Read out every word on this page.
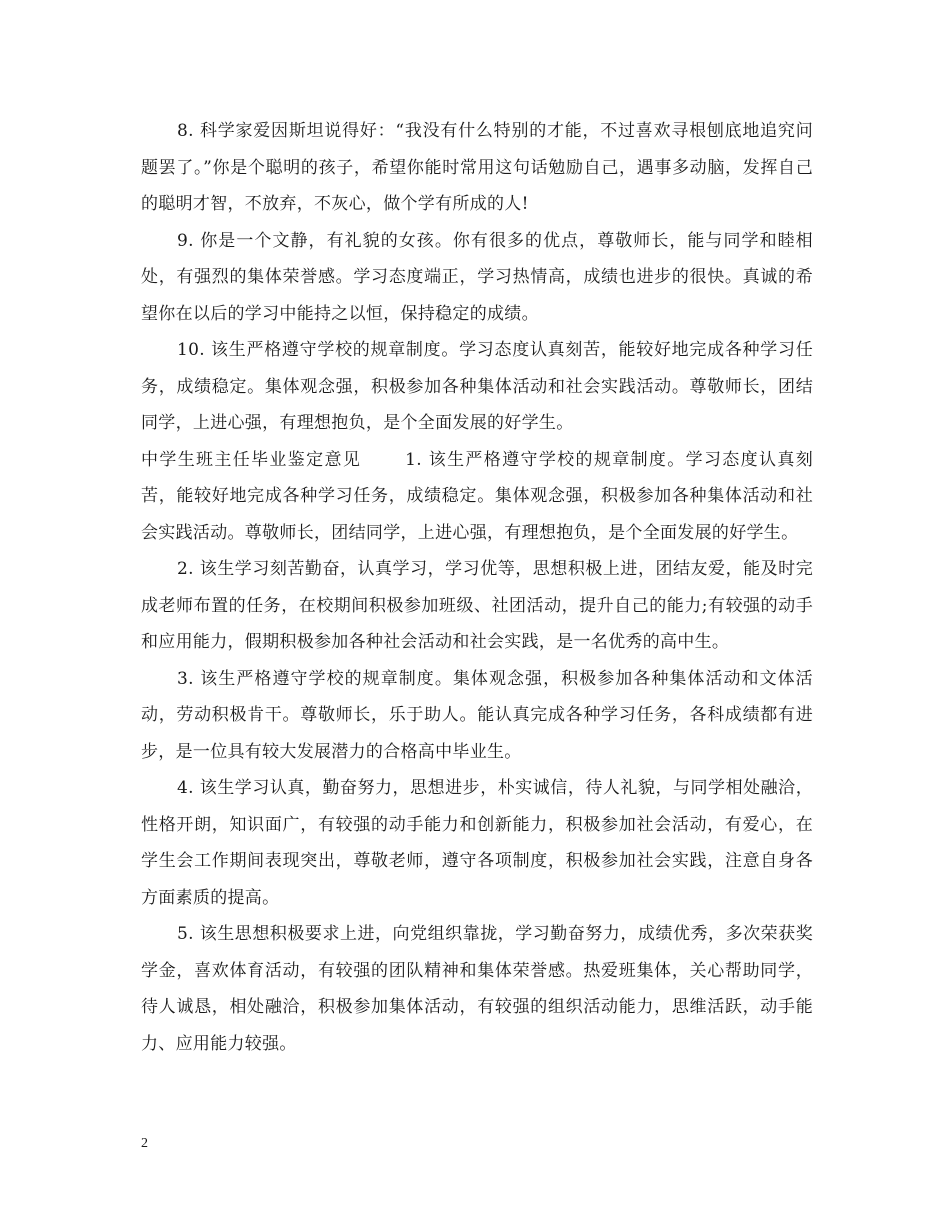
8. 科学家爱因斯坦说得好：“我没有什么特别的才能，不过喜欢寻根刨底地追究问题罢了。”你是个聪明的孩子，希望你能时常用这句话勉励自己，遇事多动脑，发挥自己的聪明才智，不放弃，不灰心，做个学有所成的人!

9. 你是一个文静，有礼貌的女孩。你有很多的优点，尊敬师长，能与同学和睦相处，有强烈的集体荣誉感。学习态度端正，学习热情高，成绩也进步的很快。真诚的希望你在以后的学习中能持之以恒，保持稳定的成绩。

10. 该生严格遵守学校的规章制度。学习态度认真刻苦，能较好地完成各种学习任务，成绩稳定。集体观念强，积极参加各种集体活动和社会实践活动。尊敬师长，团结同学，上进心强，有理想抱负，是个全面发展的好学生。

中学生班主任毕业鉴定意见	1. 该生严格遵守学校的规章制度。学习态度认真刻苦，能较好地完成各种学习任务，成绩稳定。集体观念强，积极参加各种集体活动和社会实践活动。尊敬师长，团结同学，上进心强，有理想抱负，是个全面发展的好学生。

2. 该生学习刻苦勤奋，认真学习，学习优等，思想积极上进，团结友爱，能及时完成老师布置的任务，在校期间积极参加班级、社团活动，提升自己的能力;有较强的动手和应用能力，假期积极参加各种社会活动和社会实践，是一名优秀的高中生。

3. 该生严格遵守学校的规章制度。集体观念强，积极参加各种集体活动和文体活动，劳动积极肯干。尊敬师长，乐于助人。能认真完成各种学习任务，各科成绩都有进步，是一位具有较大发展潜力的合格高中毕业生。

4. 该生学习认真，勤奋努力，思想进步，朴实诚信，待人礼貌，与同学相处融洽，性格开朗，知识面广，有较强的动手能力和创新能力，积极参加社会活动，有爱心，在学生会工作期间表现突出，尊敬老师，遵守各项制度，积极参加社会实践，注意自身各方面素质的提高。

5. 该生思想积极要求上进，向党组织靠拢，学习勤奋努力，成绩优秀，多次荣获奖学金，喜欢体育活动，有较强的团队精神和集体荣誉感。热爱班集体，关心帮助同学，待人诚恳，相处融洽，积极参加集体活动，有较强的组织活动能力，思维活跃，动手能力、应用能力较强。

2
